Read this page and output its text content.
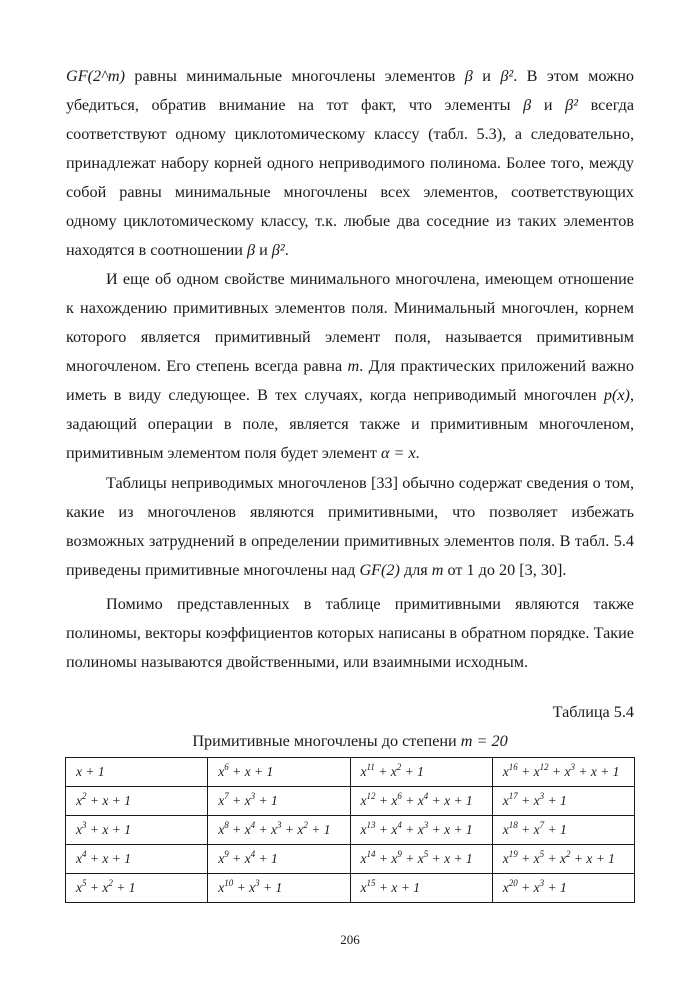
GF(2^m) равны минимальные многочлены элементов β и β². В этом можно убедиться, обратив внимание на тот факт, что элементы β и β² всегда соответствуют одному циклотомическому классу (табл. 5.3), а следовательно, принадлежат набору корней одного неприводимого полинома. Более того, между собой равны минимальные многочлены всех элементов, соответствующих одному циклотомическому классу, т.к. любые два соседние из таких элементов находятся в соотношении β и β².

И еще об одном свойстве минимального многочлена, имеющем отношение к нахождению примитивных элементов поля. Минимальный многочлен, корнем которого является примитивный элемент поля, называется примитивным многочленом. Его степень всегда равна m. Для практических приложений важно иметь в виду следующее. В тех случаях, когда неприводимый многочлен p(x), задающий операции в поле, является также и примитивным многочленом, примитивным элементом поля будет элемент α = x.

Таблицы неприводимых многочленов [33] обычно содержат сведения о том, какие из многочленов являются примитивными, что позволяет избежать возможных затруднений в определении примитивных элементов поля. В табл. 5.4 приведены примитивные многочлены над GF(2) для m от 1 до 20 [3, 30].

Помимо представленных в таблице примитивными являются также полиномы, векторы коэффициентов которых написаны в обратном порядке. Такие полиномы называются двойственными, или взаимными исходным.

Таблица 5.4

Примитивные многочлены до степени m = 20

x + 1	$x^6 + x + 1$	$x^{11} + x^2 + 1$	$x^{16} + x^{12} + x^3 + x + 1$
$x^2 + x + 1$	$x^7 + x^3 + 1$	$x^{12} + x^6 + x^4 + x + 1$	$x^{17} + x^3 + 1$
$x^3 + x + 1$	$x^8 + x^4 + x^3 + x^2 + 1$	$x^{13} + x^4 + x^3 + x + 1$	$x^{18} + x^7 + 1$
$x^4 + x + 1$	$x^9 + x^4 + 1$	$x^{14} + x^9 + x^5 + x + 1$	$x^{19} + x^5 + x^2 + x + 1$
$x^5 + x^2 + 1$	$x^{10} + x^3 + 1$	$x^{15} + x + 1$	$x^{20} + x^3 + 1$

206
